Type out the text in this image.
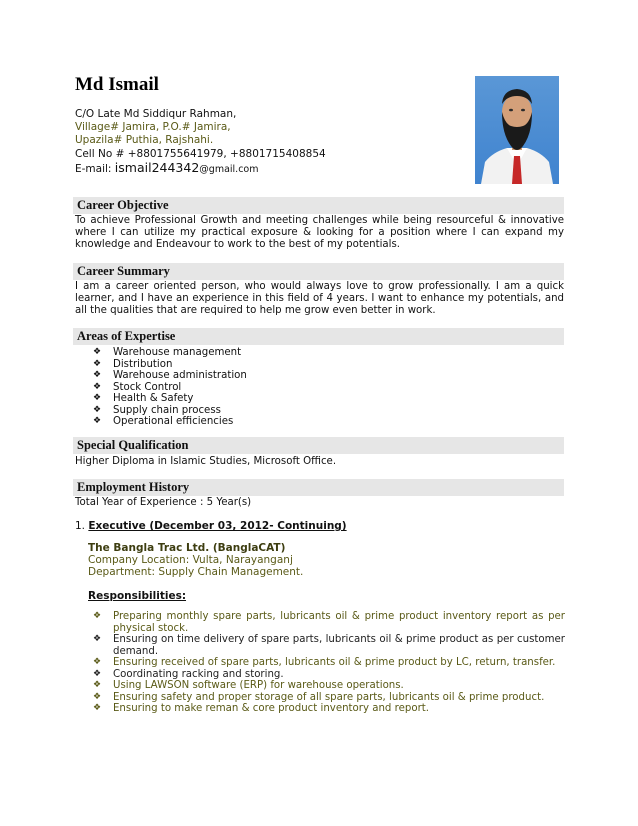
Md Ismail
C/O Late Md Siddiqur Rahman,
Village# Jamira, P.O.# Jamira,
Upazila# Puthia, Rajshahi.
Cell No # +8801755641979, +8801715408854
E-mail: ismail244342@gmail.com
Career Objective
To achieve Professional Growth and meeting challenges while being resourceful & innovative where I can utilize my practical exposure & looking for a position where I can expand my knowledge and Endeavour to work to the best of my potentials.
Career Summary
I am a career oriented person, who would always love to grow professionally. I am a quick learner, and I have an experience in this field of 4 years. I want to enhance my potentials, and all the qualities that are required to help me grow even better in work.
Areas of Expertise
❖ Warehouse management
❖ Distribution
❖ Warehouse administration
❖ Stock Control
❖ Health & Safety
❖ Supply chain process
❖ Operational efficiencies
Special Qualification
Higher Diploma in Islamic Studies, Microsoft Office.
Employment History
Total Year of Experience : 5 Year(s)
1. Executive (December 03, 2012- Continuing)
The Bangla Trac Ltd. (BanglaCAT)
Company Location: Vulta, Narayanganj
Department: Supply Chain Management.
Responsibilities:
❖ Preparing monthly spare parts, lubricants oil & prime product inventory report as per physical stock.
❖ Ensuring on time delivery of spare parts, lubricants oil & prime product as per customer demand.
❖ Ensuring received of spare parts, lubricants oil & prime product by LC, return, transfer.
❖ Coordinating racking and storing.
❖ Using LAWSON software (ERP) for warehouse operations.
❖ Ensuring safety and proper storage of all spare parts, lubricants oil & prime product.
❖ Ensuring to make reman & core product inventory and report.
